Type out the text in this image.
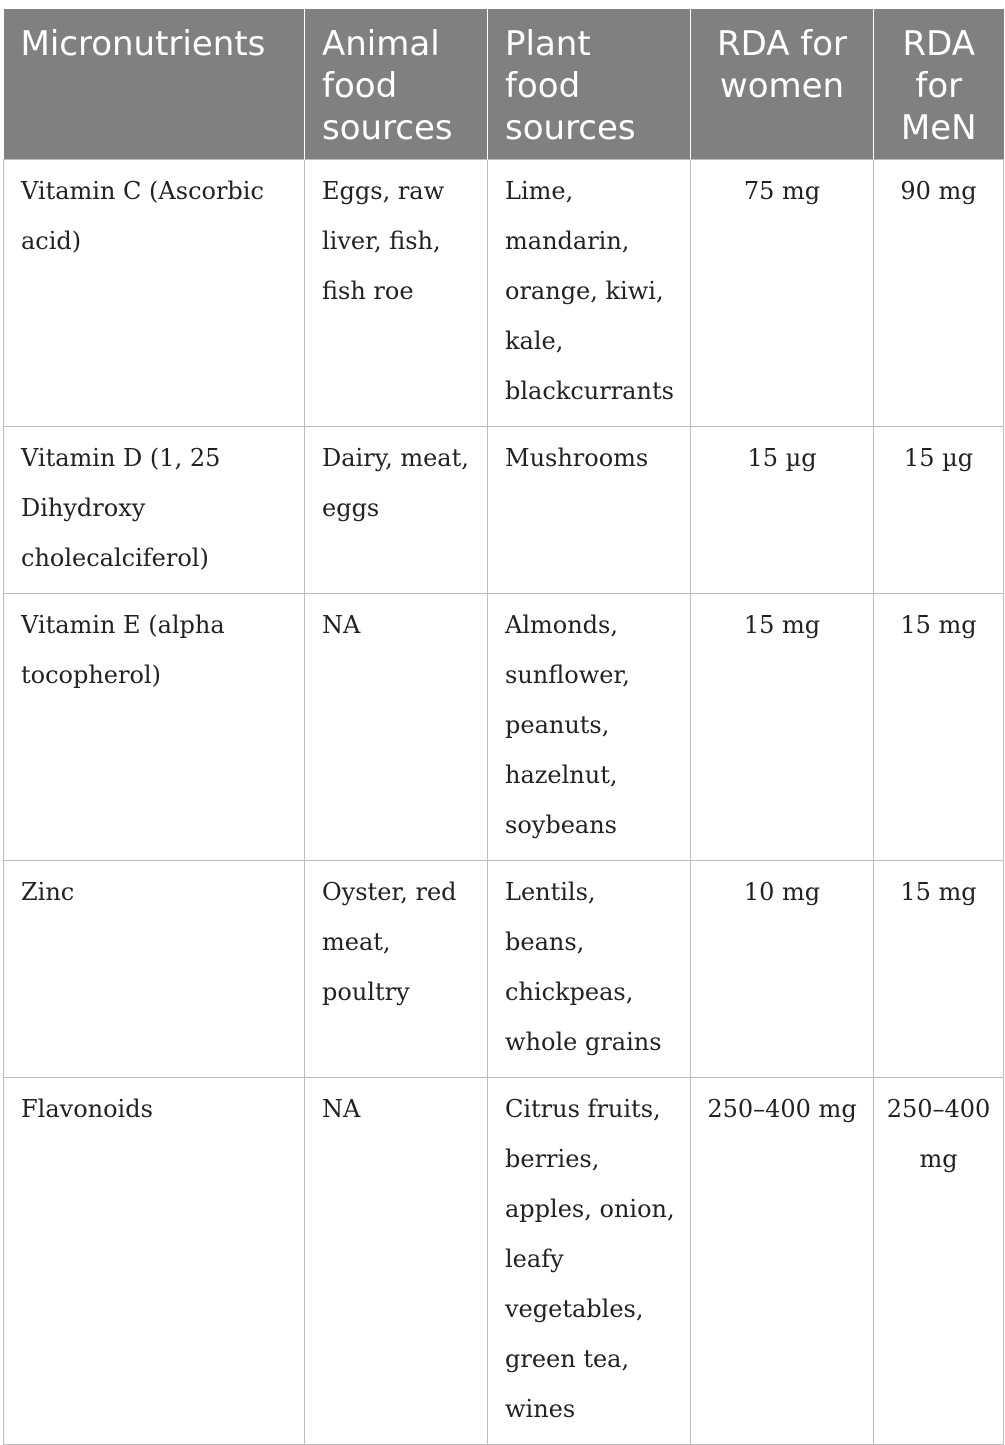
Micronutrients	Animal food sources	Plant food sources	RDA for women	RDA for MeN
Vitamin C (Ascorbic acid)	Eggs, raw liver, fish, fish roe	Lime, mandarin, orange, kiwi, kale, blackcurrants	75 mg	90 mg
Vitamin D (1, 25 Dihydroxy cholecalciferol)	Dairy, meat, eggs	Mushrooms	15 µg	15 µg
Vitamin E (alpha tocopherol)	NA	Almonds, sunflower, peanuts, hazelnut, soybeans	15 mg	15 mg
Zinc	Oyster, red meat, poultry	Lentils, beans, chickpeas, whole grains	10 mg	15 mg
Flavonoids	NA	Citrus fruits, berries, apples, onion, leafy vegetables, green tea, wines	250–400 mg	250–400 mg
